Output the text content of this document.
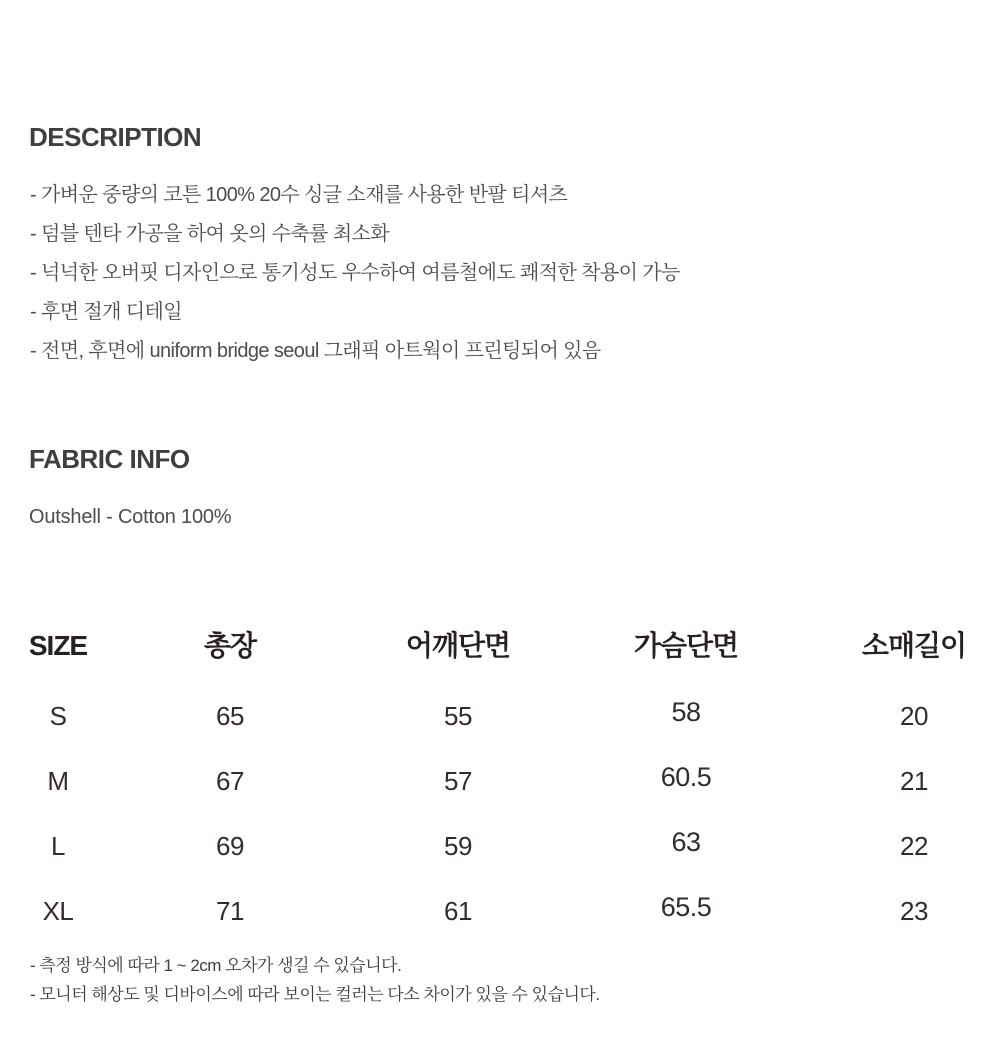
DESCRIPTION
- 가벼운 중량의 코튼 100% 20수 싱글 소재를 사용한 반팔 티셔츠
- 덤블 텐타 가공을 하여 옷의 수축률 최소화
- 넉넉한 오버핏 디자인으로 통기성도 우수하여 여름철에도 쾌적한 착용이 가능
- 후면 절개 디테일
- 전면, 후면에 uniform bridge seoul 그래픽 아트웍이 프린팅되어 있음
FABRIC INFO
Outshell - Cotton 100%
SIZE	총장	어깨단면	가슴단면	소매길이
S	65	55	58	20
M	67	57	60.5	21
L	69	59	63	22
XL	71	61	65.5	23
- 측정 방식에 따라 1 ~ 2cm 오차가 생길 수 있습니다.
- 모니터 해상도 및 디바이스에 따라 보이는 컬러는 다소 차이가 있을 수 있습니다.
